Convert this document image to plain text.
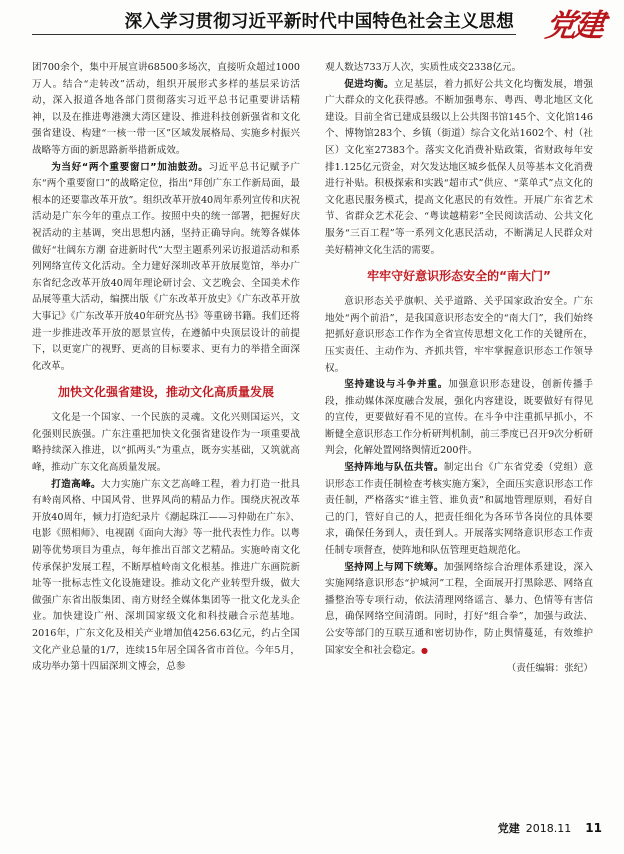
深入学习贯彻习近平新时代中国特色社会主义思想 党建

团700余个，集中开展宣讲68500多场次，直接听众超过1000万人。结合“走转改”活动，组织开展形式多样的基层采访活动，深入报道各地各部门贯彻落实习近平总书记重要讲话精神，以及在推进粤港澳大湾区建设、推进科技创新强省和文化强省建设、构建“一核一带一区”区域发展格局、实施乡村振兴战略等方面的新思路新举措新成效。

为当好“两个重要窗口”加油鼓劲。习近平总书记赋予广东“两个重要窗口”的战略定位，指出“拜创广东工作新局面，最根本的还要靠改革开放”。组织改革开放40周年系列宣传和庆祝活动是广东今年的重点工作。按照中央的统一部署，把握好庆祝活动的主基调，突出思想内涵，坚持正确导向。统筹各媒体做好“壮阔东方潮 奋进新时代”大型主题系列采访报道活动和系列网络宣传文化活动。全力建好深圳改革开放展览馆，举办广东省纪念改革开放40周年理论研讨会、文艺晚会、全国美术作品展等重大活动，编撰出版《广东改革开放史》《广东改革开放大事记》《广东改革开放40年研究丛书》等重磅书籍。我们还将进一步推进改革开放的愿景宣传，在遵循中央顶层设计的前提下，以更宽广的视野、更高的目标要求、更有力的举措全面深化改革。

加快文化强省建设，推动文化高质量发展

文化是一个国家、一个民族的灵魂。文化兴则国运兴，文化强则民族强。广东注重把加快文化强省建设作为一项重要战略持续深入推进，以“抓两头”为重点，既夯实基础，又筑就高峰，推动广东文化高质量发展。

打造高峰。大力实施广东文艺高峰工程，着力打造一批具有岭南风格、中国风骨、世界风尚的精品力作。围绕庆祝改革开放40周年，倾力打造纪录片《潮起珠江——习仲勋在广东》、电影《照相师》、电视剧《面向大海》等一批代表性力作。以粤剧等优势项目为重点，每年推出百部文艺精品。实施岭南文化传承保护发展工程，不断厚植岭南文化根基。推进广东画院新址等一批标志性文化设施建设。推动文化产业转型升级，做大做强广东省出版集团、南方财经全媒体集团等一批文化龙头企业。加快建设广州、深圳国家级文化和科技融合示范基地。2016年，广东文化及相关产业增加值4256.63亿元，约占全国文化产业总量的1/7，连续15年居全国各省市首位。今年5月，成功举办第十四届深圳文博会，总参

观人数达733万人次，实质性成交2338亿元。

促进均衡。立足基层，着力抓好公共文化均衡发展，增强广大群众的文化获得感。不断加强粤东、粤西、粤北地区文化建设。目前全省已建成县级以上公共图书馆145个、文化馆146个、博物馆283个、乡镇（街道）综合文化站1602个、村（社区）文化室27383个。落实文化消费补贴政策，省财政每年安排1.125亿元资金，对欠发达地区城乡低保人员等基本文化消费进行补贴。积极探索和实践“超市式”供应、“菜单式”点文化的文化惠民服务模式，提高文化惠民的有效性。开展广东省艺术节、省群众艺术花会、“粤读越精彩”全民阅读活动、公共文化服务“三百工程”等一系列文化惠民活动，不断满足人民群众对美好精神文化生活的需要。

牢牢守好意识形态安全的“南大门”

意识形态关乎旗帜、关乎道路、关乎国家政治安全。广东地处“两个前沿”，是我国意识形态安全的“南大门”，我们始终把抓好意识形态工作作为全省宣传思想文化工作的关键所在，压实责任、主动作为、齐抓共管，牢牢掌握意识形态工作领导权。

坚持建设与斗争并重。加强意识形态建设，创新传播手段，推动媒体深度融合发展，强化内容建设，既要做好有得见的宣传，更要做好看不见的宣传。在斗争中注重抓早抓小，不断健全意识形态工作分析研判机制，前三季度已召开9次分析研判会，化解处置网络舆情近200件。

坚持阵地与队伍共管。制定出台《广东省党委（党组）意识形态工作责任制检查考核实施方案》，全面压实意识形态工作责任制，严格落实“谁主管、谁负责”和属地管理原则，看好自己的门，管好自己的人，把责任细化为各环节各岗位的具体要求，确保任务到人，责任到人。开展落实网络意识形态工作责任制专项督查，使阵地和队伍管理更趋规范化。

坚持网上与网下统筹。加强网络综合治理体系建设，深入实施网络意识形态“护城河”工程，全面展开打黑除恶、网络直播整治等专项行动，依法清理网络谣言、暴力、色情等有害信息，确保网络空间清朗。同时，打好“组合拳”，加强与政法、公安等部门的互联互通和密切协作，防止舆情蔓延，有效维护国家安全和社会稳定。●

（责任编辑：张纪）
党建 2018.11 11
